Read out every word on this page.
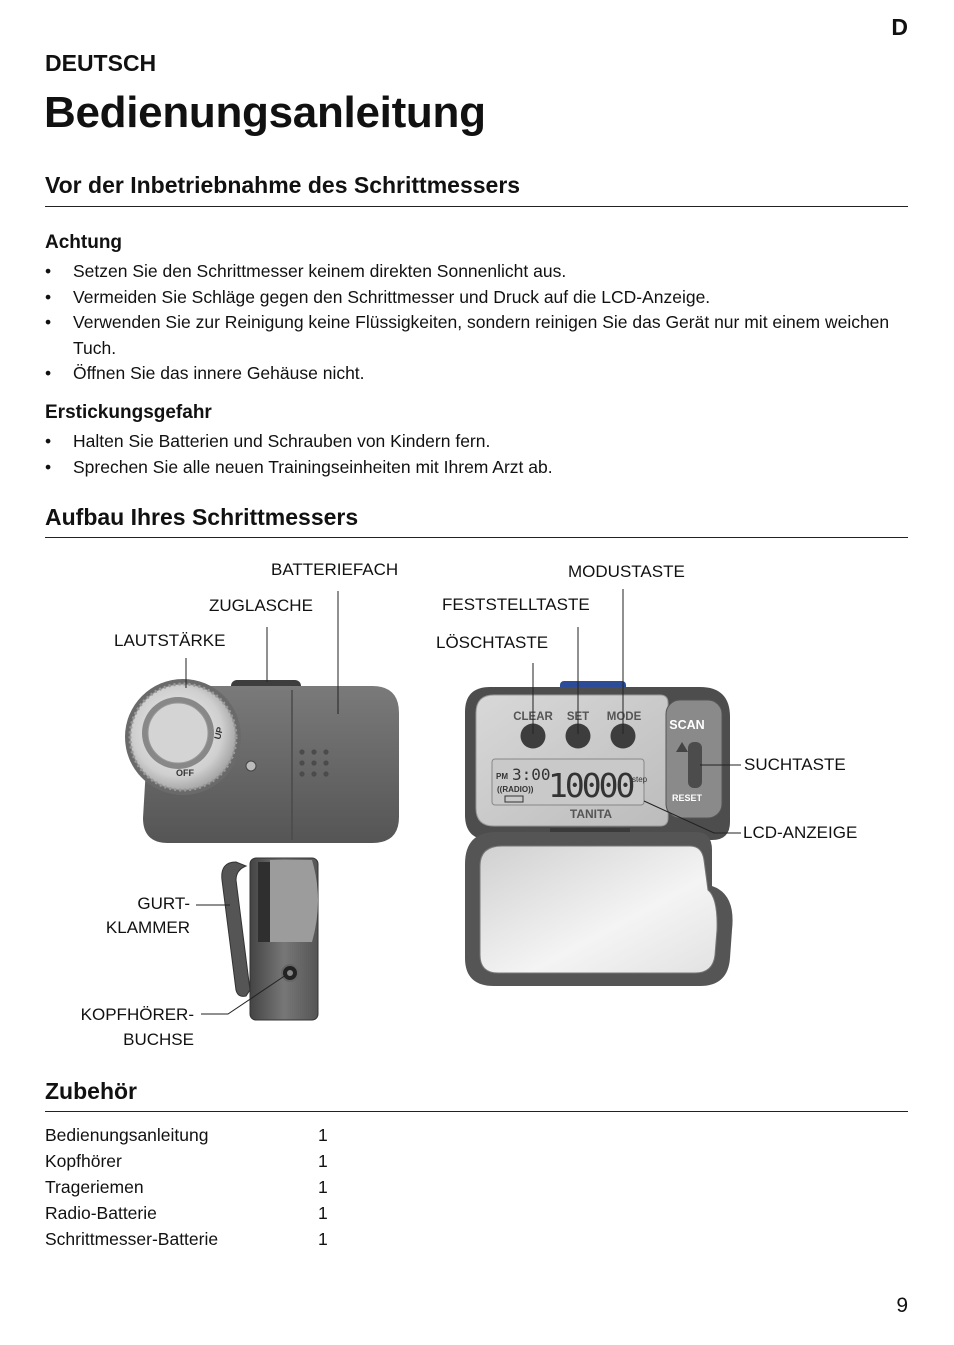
D
DEUTSCH
Bedienungsanleitung
Vor der Inbetriebnahme des Schrittmessers
Achtung
• Setzen Sie den Schrittmesser keinem direkten Sonnenlicht aus.
• Vermeiden Sie Schläge gegen den Schrittmesser und Druck auf die LCD-Anzeige.
• Verwenden Sie zur Reinigung keine Flüssigkeiten, sondern reinigen Sie das Gerät nur mit einem weichen Tuch.
• Öffnen Sie das innere Gehäuse nicht.
Erstickungsgefahr
• Halten Sie Batterien und Schrauben von Kindern fern.
• Sprechen Sie alle neuen Trainingseinheiten mit Ihrem Arzt ab.
Aufbau Ihres Schrittmessers
UP
OFF
CLEAR SET MODE
SCAN
RESET
PM 3:00
10000 step
((RADIO))
TANITA
BATTERIEFACH
ZUGLASCHE
LAUTSTÄRKE
MODUSTASTE
FESTSTELLTASTE
LÖSCHTASTE
SUCHTASTE
LCD-ANZEIGE
GURT-
KLAMMER
KOPFHÖRER-
BUCHSE
Zubehör
Bedienungsanleitung	1
Kopfhörer	1
Trageriemen	1
Radio-Batterie	1
Schrittmesser-Batterie	1
9
